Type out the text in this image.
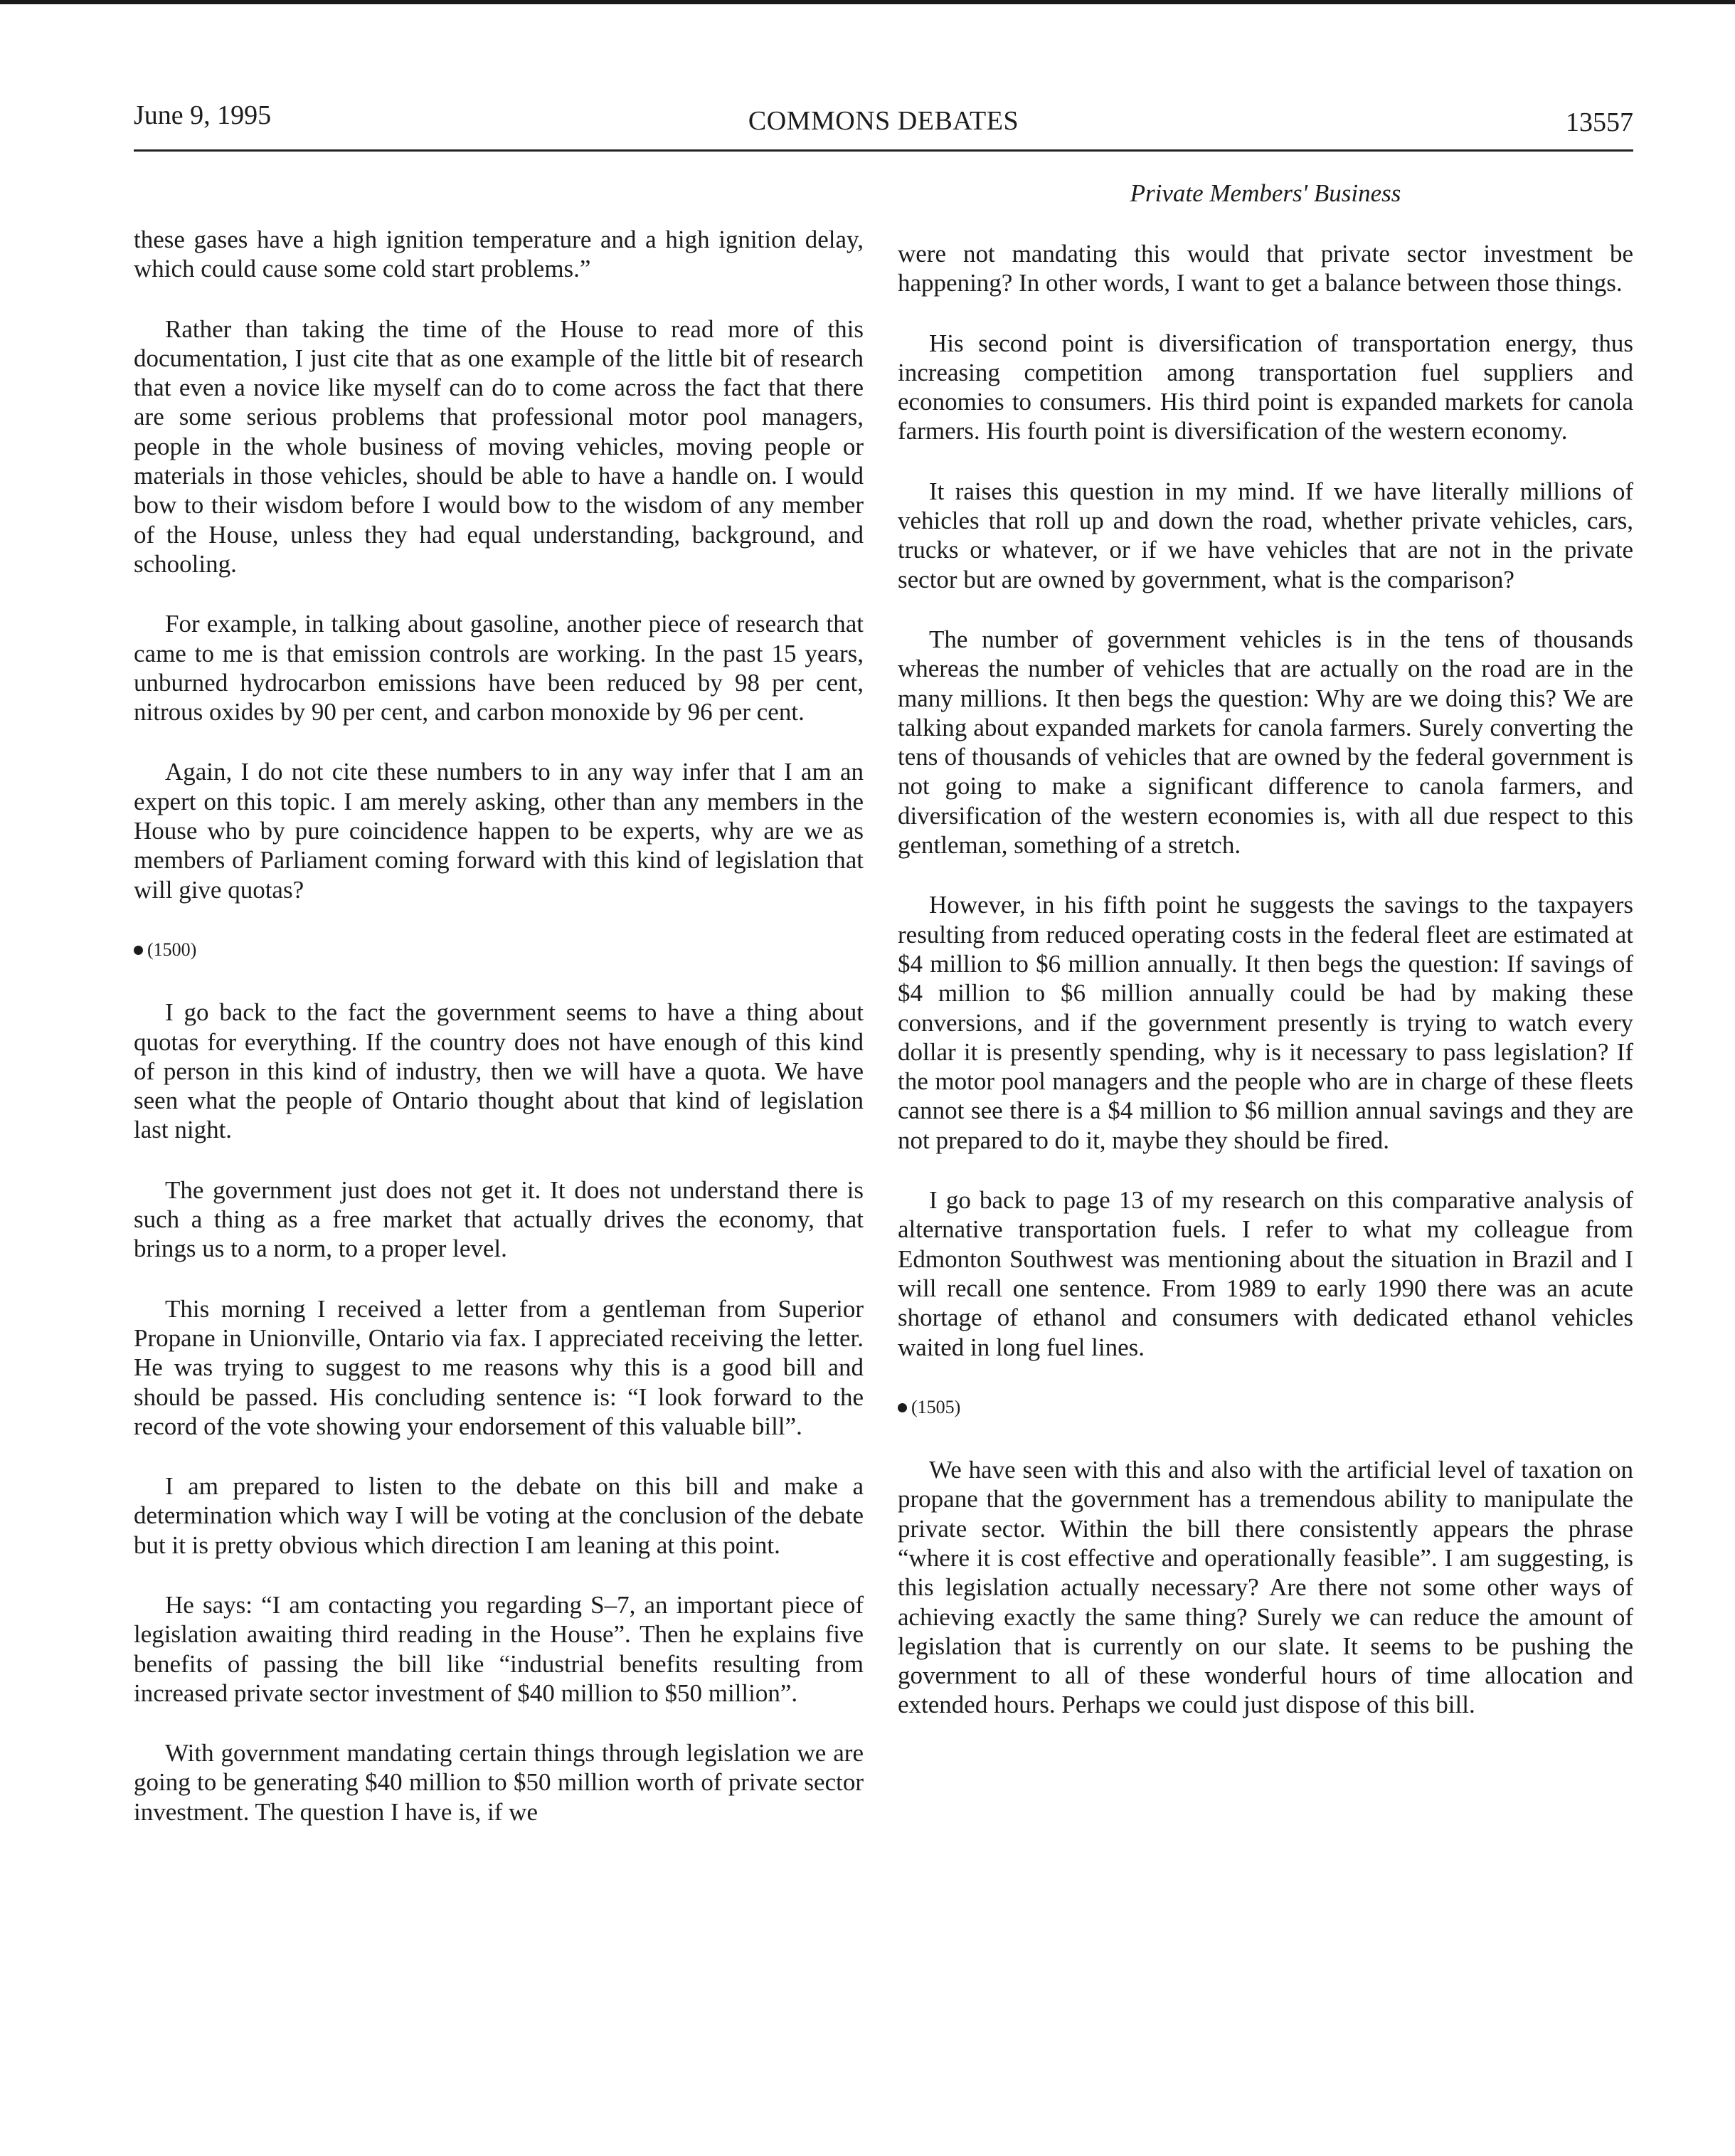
June 9, 1995	COMMONS DEBATES	13557
Private Members' Business

these gases have a high ignition temperature and a high ignition delay, which could cause some cold start problems.”

Rather than taking the time of the House to read more of this documentation, I just cite that as one example of the little bit of research that even a novice like myself can do to come across the fact that there are some serious problems that professional motor pool managers, people in the whole business of moving vehicles, moving people or materials in those vehicles, should be able to have a handle on. I would bow to their wisdom before I would bow to the wisdom of any member of the House, unless they had equal understanding, background, and schooling.

For example, in talking about gasoline, another piece of research that came to me is that emission controls are working. In the past 15 years, unburned hydrocarbon emissions have been reduced by 98 per cent, nitrous oxides by 90 per cent, and carbon monoxide by 96 per cent.

Again, I do not cite these numbers to in any way infer that I am an expert on this topic. I am merely asking, other than any members in the House who by pure coincidence happen to be experts, why are we as members of Parliament coming forward with this kind of legislation that will give quotas?

(1500)

I go back to the fact the government seems to have a thing about quotas for everything. If the country does not have enough of this kind of person in this kind of industry, then we will have a quota. We have seen what the people of Ontario thought about that kind of legislation last night.

The government just does not get it. It does not understand there is such a thing as a free market that actually drives the economy, that brings us to a norm, to a proper level.

This morning I received a letter from a gentleman from Superior Propane in Unionville, Ontario via fax. I appreciated receiving the letter. He was trying to suggest to me reasons why this is a good bill and should be passed. His concluding sentence is: “I look forward to the record of the vote showing your endorsement of this valuable bill”.

I am prepared to listen to the debate on this bill and make a determination which way I will be voting at the conclusion of the debate but it is pretty obvious which direction I am leaning at this point.

He says: “I am contacting you regarding S–7, an important piece of legislation awaiting third reading in the House”. Then he explains five benefits of passing the bill like “industrial benefits resulting from increased private sector investment of $40 million to $50 million”.

With government mandating certain things through legislation we are going to be generating $40 million to $50 million worth of private sector investment. The question I have is, if we

were not mandating this would that private sector investment be happening? In other words, I want to get a balance between those things.

His second point is diversification of transportation energy, thus increasing competition among transportation fuel suppliers and economies to consumers. His third point is expanded markets for canola farmers. His fourth point is diversification of the western economy.

It raises this question in my mind. If we have literally millions of vehicles that roll up and down the road, whether private vehicles, cars, trucks or whatever, or if we have vehicles that are not in the private sector but are owned by government, what is the comparison?

The number of government vehicles is in the tens of thousands whereas the number of vehicles that are actually on the road are in the many millions. It then begs the question: Why are we doing this? We are talking about expanded markets for canola farmers. Surely converting the tens of thousands of vehicles that are owned by the federal government is not going to make a significant difference to canola farmers, and diversification of the western economies is, with all due respect to this gentleman, something of a stretch.

However, in his fifth point he suggests the savings to the taxpayers resulting from reduced operating costs in the federal fleet are estimated at $4 million to $6 million annually. It then begs the question: If savings of $4 million to $6 million annually could be had by making these conversions, and if the government presently is trying to watch every dollar it is presently spending, why is it necessary to pass legislation? If the motor pool managers and the people who are in charge of these fleets cannot see there is a $4 million to $6 million annual savings and they are not prepared to do it, maybe they should be fired.

I go back to page 13 of my research on this comparative analysis of alternative transportation fuels. I refer to what my colleague from Edmonton Southwest was mentioning about the situation in Brazil and I will recall one sentence. From 1989 to early 1990 there was an acute shortage of ethanol and consumers with dedicated ethanol vehicles waited in long fuel lines.

(1505)

We have seen with this and also with the artificial level of taxation on propane that the government has a tremendous ability to manipulate the private sector. Within the bill there consistently appears the phrase “where it is cost effective and operationally feasible”. I am suggesting, is this legislation actually necessary? Are there not some other ways of achieving exactly the same thing? Surely we can reduce the amount of legislation that is currently on our slate. It seems to be pushing the government to all of these wonderful hours of time allocation and extended hours. Perhaps we could just dispose of this bill.
